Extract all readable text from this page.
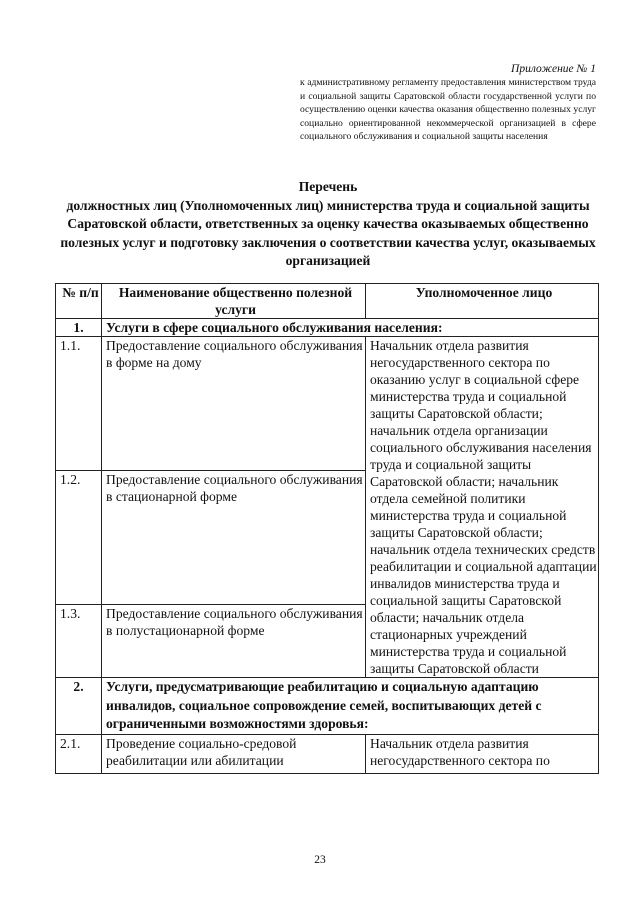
Приложение № 1
к административному регламенту предоставления министерством труда и социальной защиты Саратовской области государственной услуги по осуществлению оценки качества оказания общественно полезных услуг социально ориентированной некоммерческой организацией в сфере социального обслуживания и социальной защиты населения
Перечень
должностных лиц (Уполномоченных лиц) министерства труда и социальной защиты Саратовской области, ответственных за оценку качества оказываемых общественно полезных услуг и подготовку заключения о соответствии качества услуг, оказываемых организацией
№ п/п	Наименование общественно полезной услуги	Уполномоченное лицо
1.	Услуги в сфере социального обслуживания населения:	
1.1.	Предоставление социального обслуживания в форме на дому	Начальник отдела развития негосударственного сектора по оказанию услуг в социальной сфере министерства труда и социальной защиты Саратовской области; начальник отдела организации социального обслуживания населения труда и социальной защиты Саратовской области; начальник отдела семейной политики министерства труда и социальной защиты Саратовской области; начальник отдела технических средств реабилитации и социальной адаптации инвалидов министерства труда и социальной защиты Саратовской области; начальник отдела стационарных учреждений министерства труда и социальной защиты Саратовской области
1.2.	Предоставление социального обслуживания в стационарной форме	
1.3.	Предоставление социального обслуживания в полустационарной форме	
2.	Услуги, предусматривающие реабилитацию и социальную адаптацию инвалидов, социальное сопровождение семей, воспитывающих детей с ограниченными возможностями здоровья:	
2.1.	Проведение социально-средовой реабилитации или абилитации	Начальник отдела развития негосударственного сектора по
23
